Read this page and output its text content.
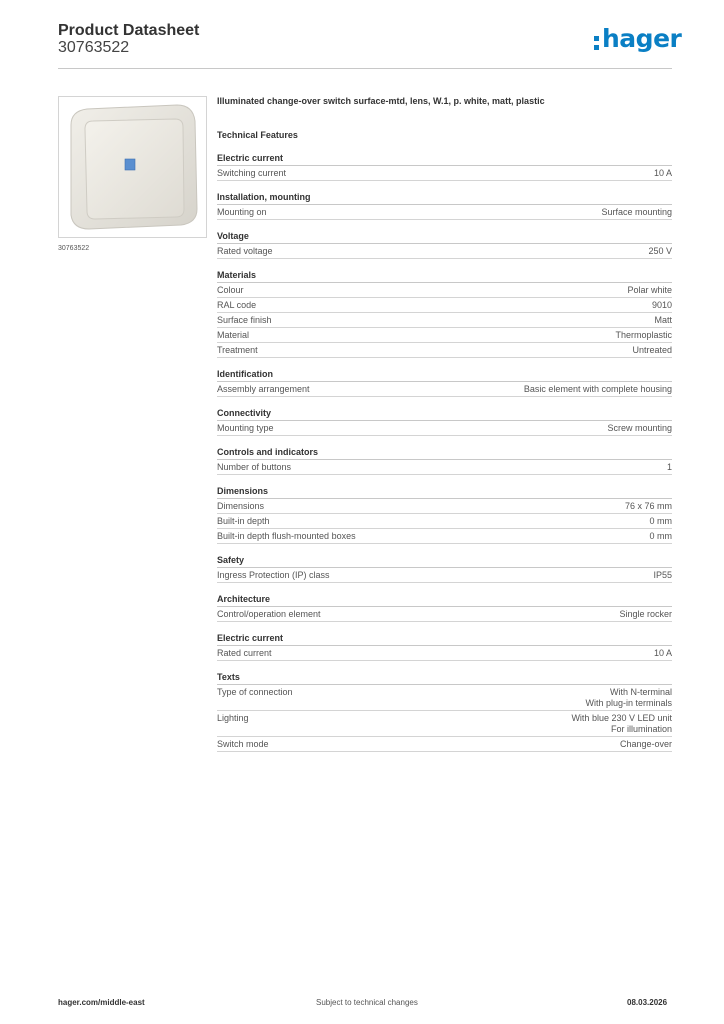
Product Datasheet
30763522	hager
30763522
Illuminated change-over switch surface-mtd, lens, W.1, p. white, matt, plastic
Technical Features
Electric current
Switching current	10 A
Installation, mounting
Mounting on	Surface mounting
Voltage
Rated voltage	250 V
Materials
Colour	Polar white
RAL code	9010
Surface finish	Matt
Material	Thermoplastic
Treatment	Untreated
Identification
Assembly arrangement	Basic element with complete housing
Connectivity
Mounting type	Screw mounting
Controls and indicators
Number of buttons	1
Dimensions
Dimensions	76 x 76 mm
Built-in depth	0 mm
Built-in depth flush-mounted boxes	0 mm
Safety
Ingress Protection (IP) class	IP55
Architecture
Control/operation element	Single rocker
Electric current
Rated current	10 A
Texts
Type of connection	With N-terminal
With plug-in terminals
Lighting	With blue 230 V LED unit
For illumination
Switch mode	Change-over
hager.com/middle-east	Subject to technical changes	08.03.2026
